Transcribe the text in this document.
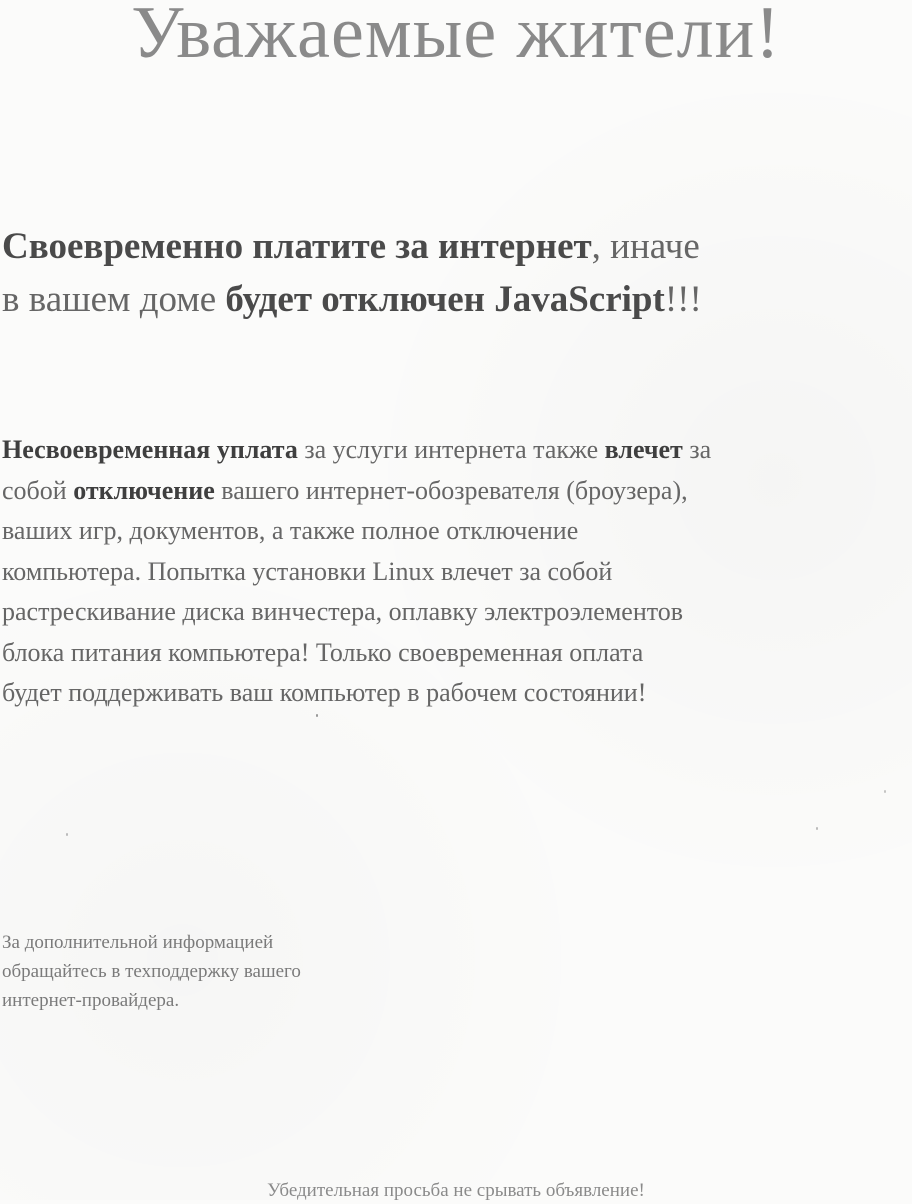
Уважаемые жители!

Своевременно платите за интернет, иначе
в вашем доме будет отключен JavaScript!!!

Несвоевременная уплата за услуги интернета также влечет за
собой отключение вашего интернет-обозревателя (броузера),
ваших игр, документов, а также полное отключение
компьютера. Попытка установки Linux влечет за собой
растрескивание диска винчестера, оплавку электроэлементов
блока питания компьютера! Только своевременная оплата
будет поддерживать ваш компьютер в рабочем состоянии!

За дополнительной информацией
обращайтесь в техподдержку вашего
интернет-провайдера.

Убедительная просьба не срывать объявление!
